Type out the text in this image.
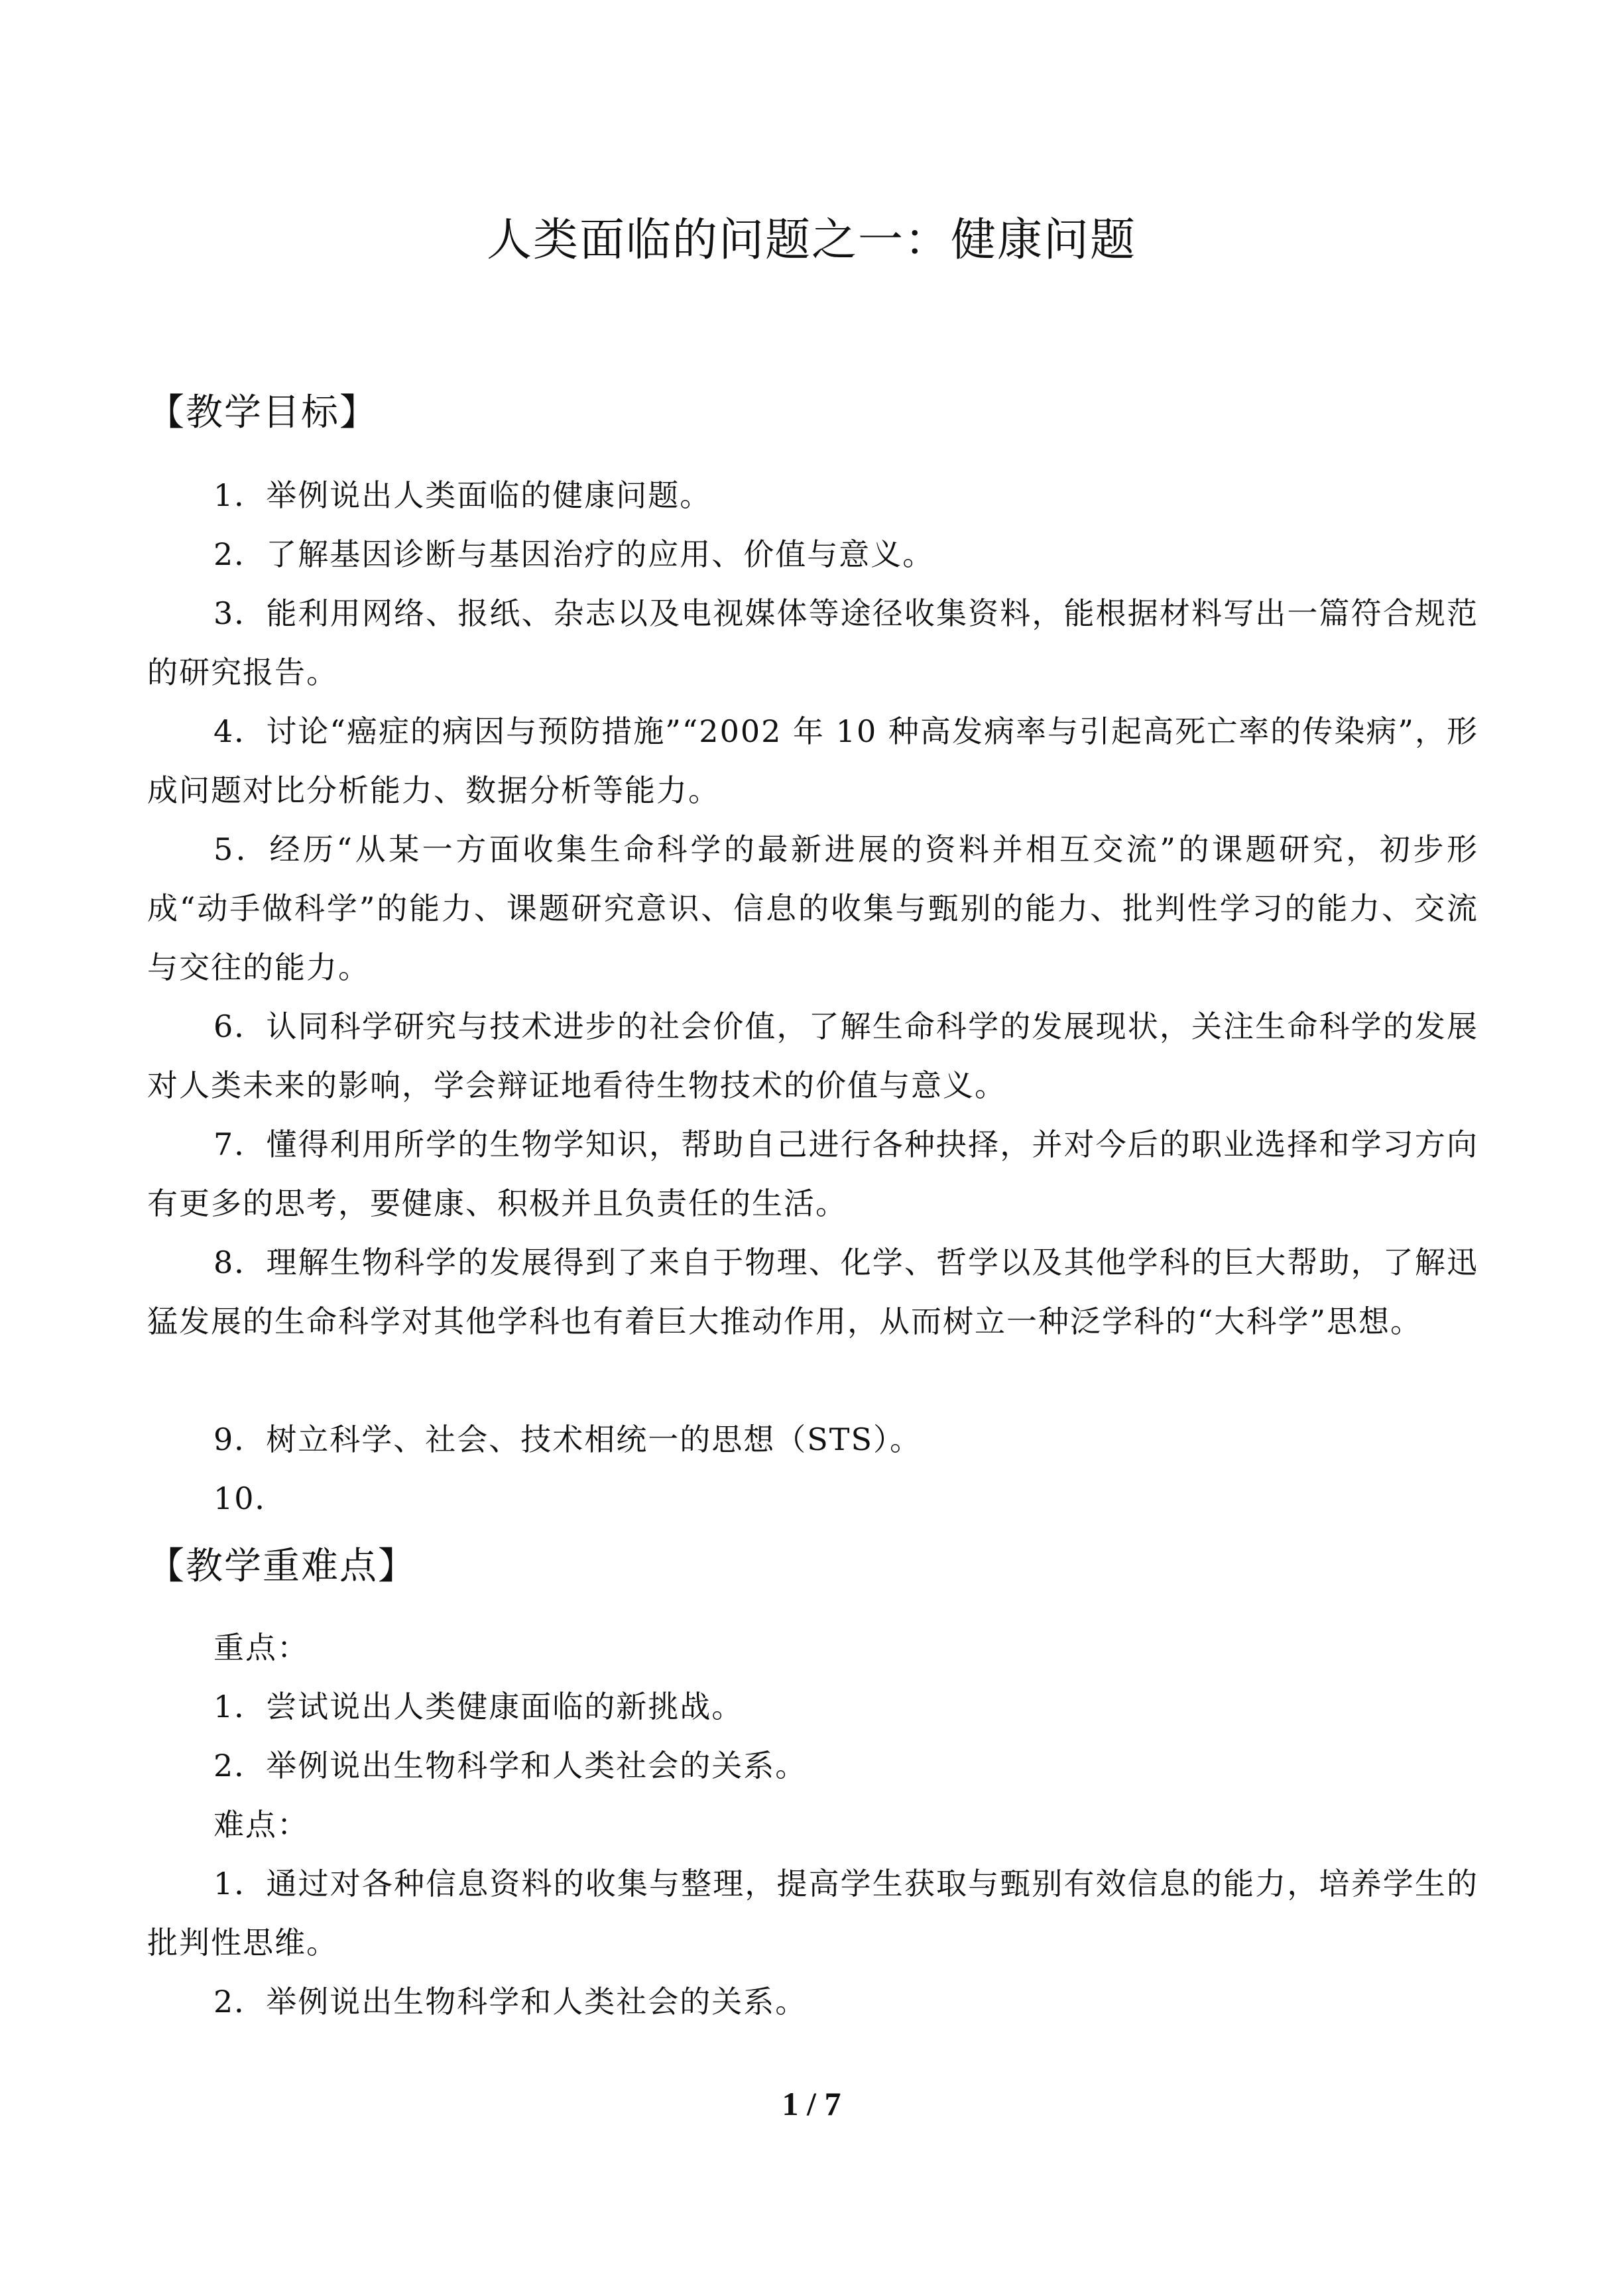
人类面临的问题之一：健康问题
【教学目标】
1．举例说出人类面临的健康问题。
2．了解基因诊断与基因治疗的应用、价值与意义。
3．能利用网络、报纸、杂志以及电视媒体等途径收集资料，能根据材料写出一篇符合规范的研究报告。
4．讨论“癌症的病因与预防措施”“2002 年 10 种高发病率与引起高死亡率的传染病”，形成问题对比分析能力、数据分析等能力。
5．经历“从某一方面收集生命科学的最新进展的资料并相互交流”的课题研究，初步形成“动手做科学”的能力、课题研究意识、信息的收集与甄别的能力、批判性学习的能力、交流与交往的能力。
6．认同科学研究与技术进步的社会价值，了解生命科学的发展现状，关注生命科学的发展对人类未来的影响，学会辩证地看待生物技术的价值与意义。
7．懂得利用所学的生物学知识，帮助自己进行各种抉择，并对今后的职业选择和学习方向有更多的思考，要健康、积极并且负责任的生活。
8．理解生物科学的发展得到了来自于物理、化学、哲学以及其他学科的巨大帮助，了解迅猛发展的生命科学对其他学科也有着巨大推动作用，从而树立一种泛学科的“大科学”思想。
9．树立科学、社会、技术相统一的思想（STS）。
10．
【教学重难点】
重点：
1．尝试说出人类健康面临的新挑战。
2．举例说出生物科学和人类社会的关系。
难点：
1．通过对各种信息资料的收集与整理，提高学生获取与甄别有效信息的能力，培养学生的批判性思维。
2．举例说出生物科学和人类社会的关系。
1 / 7
